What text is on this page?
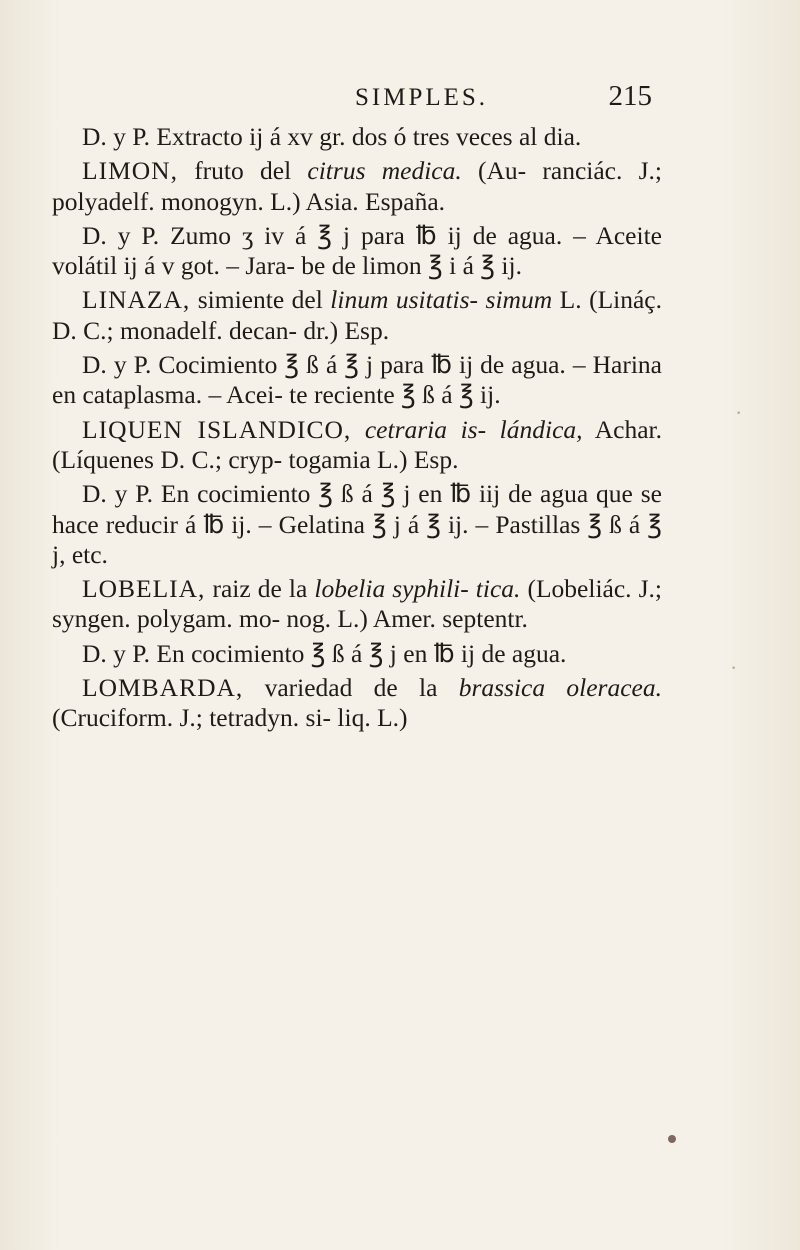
SIMPLES.	215

D. y P. Extracto ij á xv gr. dos ó tres veces al dia.

LIMON, fruto del citrus medica. (Au- ranciác. J.; polyadelf. monogyn. L.) Asia. España.

D. y P. Zumo ʒ iv á ℥ j para ℔ ij de agua. – Aceite volátil ij á v got. – Jara- be de limon ℥ i á ℥ ij.

LINAZA, simiente del linum usitatis- simum L. (Lináç. D. C.; monadelf. decan- dr.) Esp.

D. y P. Cocimiento ℥ ß á ℥ j para ℔ ij de agua. – Harina en cataplasma. – Acei- te reciente ℥ ß á ℥ ij.

LIQUEN ISLANDICO, cetraria is- lándica, Achar. (Líquenes D. C.; cryp- togamia L.) Esp.

D. y P. En cocimiento ℥ ß á ℥ j en ℔ iij de agua que se hace reducir á ℔ ij. – Gelatina ℥ j á ℥ ij. – Pastillas ℥ ß á ℥ j, etc.

LOBELIA, raiz de la lobelia syphili- tica. (Lobeliác. J.; syngen. polygam. mo- nog. L.) Amer. septentr.

D. y P. En cocimiento ℥ ß á ℥ j en ℔ ij de agua.

LOMBARDA, variedad de la brassica oleracea. (Cruciform. J.; tetradyn. si- liq. L.)

·
·
